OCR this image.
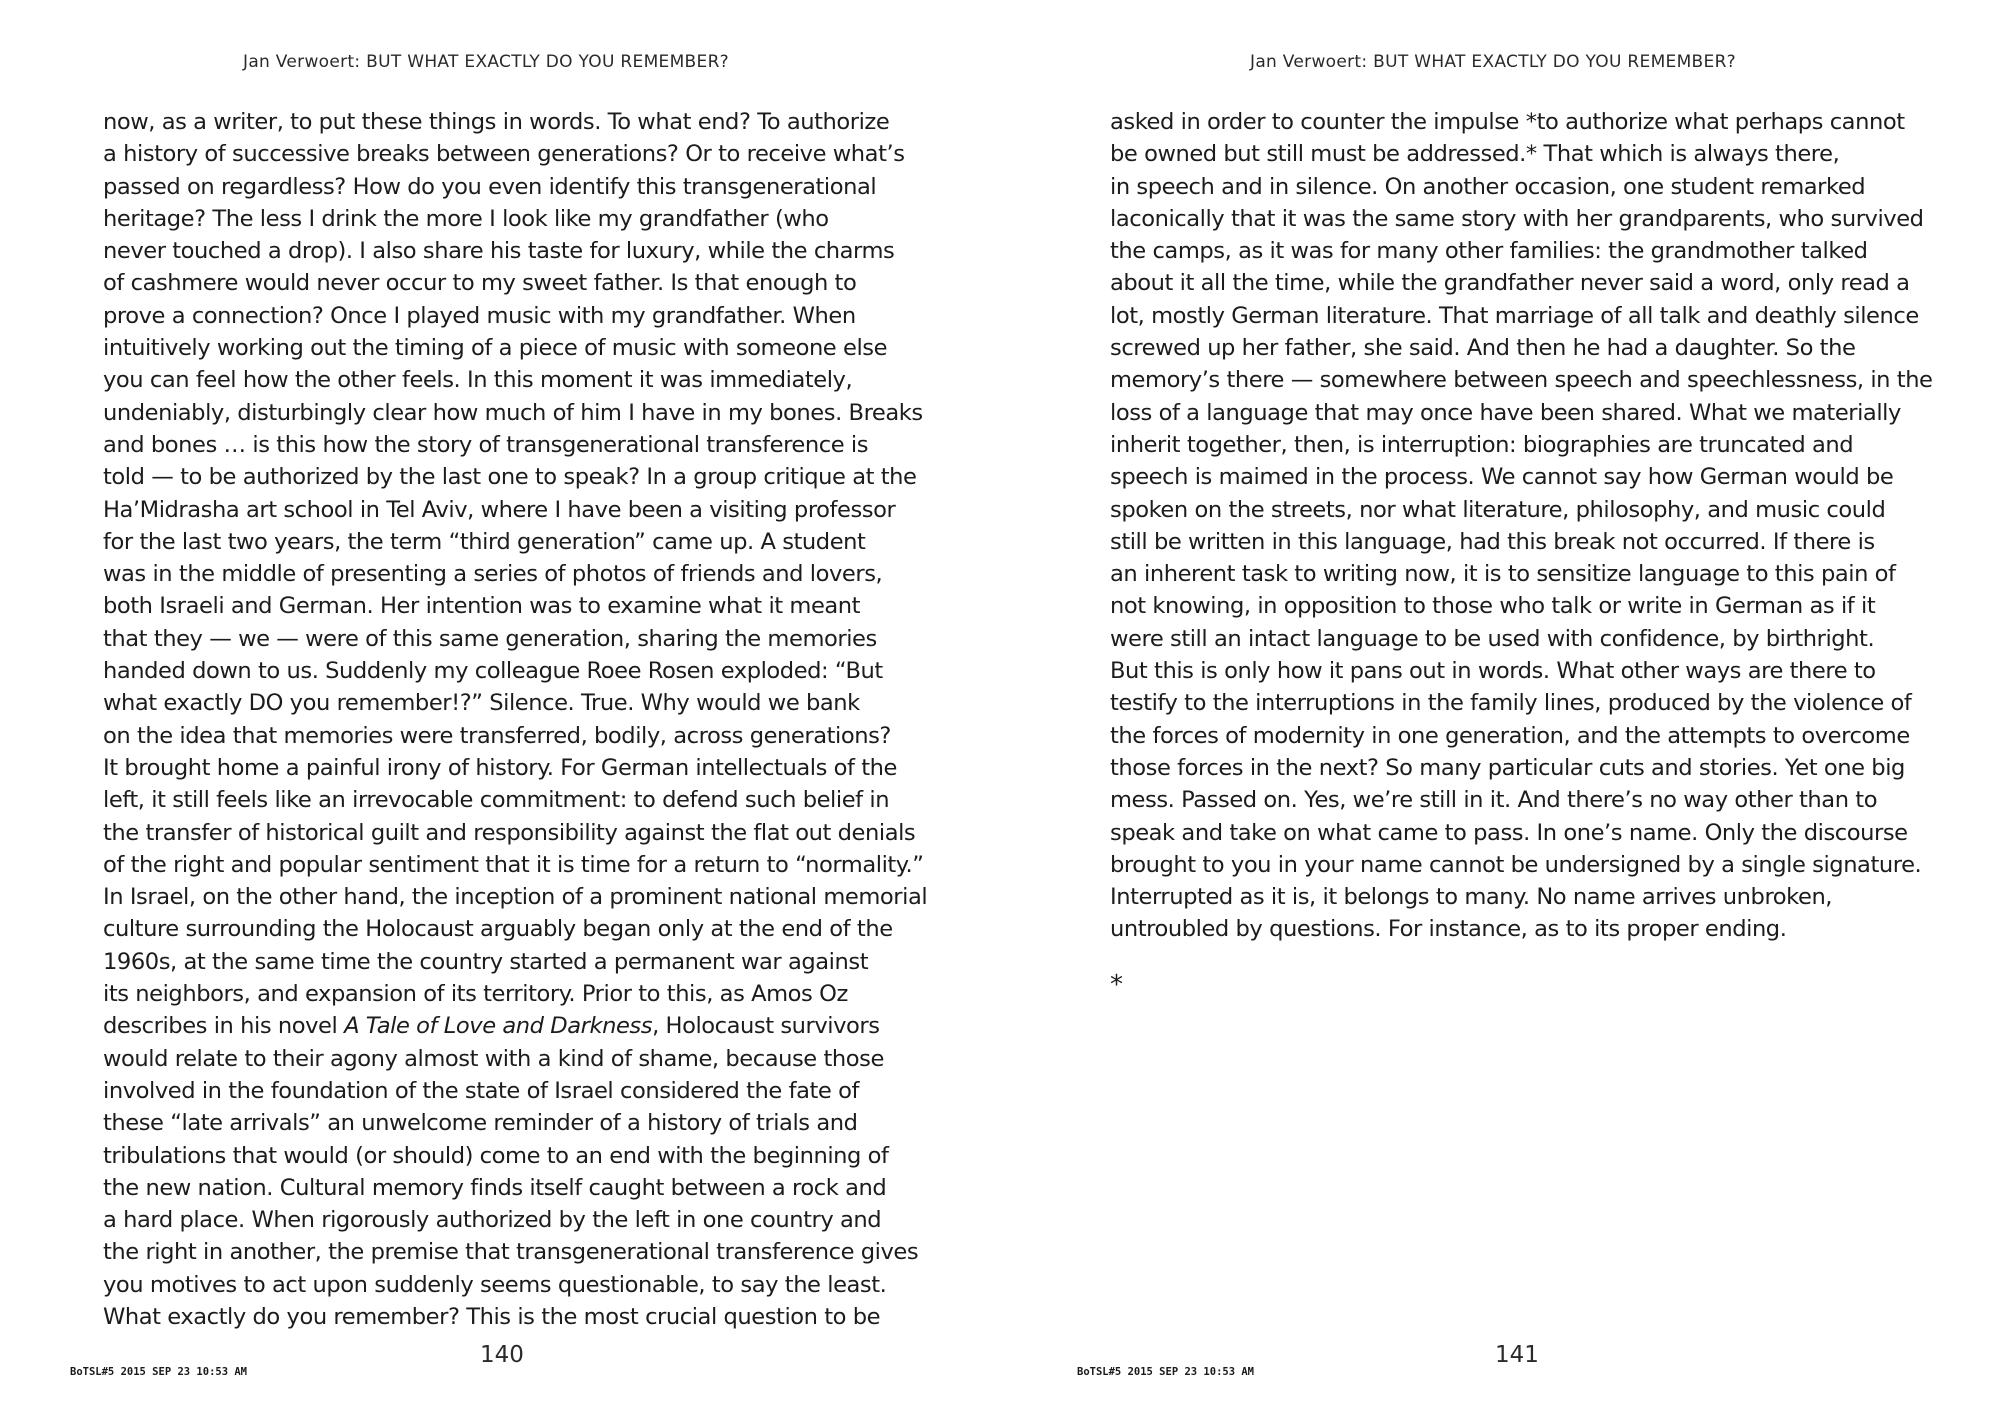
Jan Verwoert: BUT WHAT EXACTLY DO YOU REMEMBER?
now, as a writer, to put these things in words. To what end? To authorize
a history of successive breaks between generations? Or to receive what’s
passed on regardless? How do you even identify this transgenerational
heritage? The less I drink the more I look like my grandfather (who
never touched a drop). I also share his taste for luxury, while the charms
of cashmere would never occur to my sweet father. Is that enough to
prove a connection? Once I played music with my grandfather. When
intuitively working out the timing of a piece of music with someone else
you can feel how the other feels. In this moment it was immediately,
undeniably, disturbingly clear how much of him I have in my bones. Breaks
and bones … is this how the story of transgenerational transference is
told — to be authorized by the last one to speak? In a group critique at the
Ha’Midrasha art school in Tel Aviv, where I have been a visiting professor
for the last two years, the term “third generation” came up. A student
was in the middle of presenting a series of photos of friends and lovers,
both Israeli and German. Her intention was to examine what it meant
that they — we — were of this same generation, sharing the memories
handed down to us. Suddenly my colleague Roee Rosen exploded: “But
what exactly DO you remember!?” Silence. True. Why would we bank
on the idea that memories were transferred, bodily, across generations?
It brought home a painful irony of history. For German intellectuals of the
left, it still feels like an irrevocable commitment: to defend such belief in
the transfer of historical guilt and responsibility against the flat out denials
of the right and popular sentiment that it is time for a return to “normality.”
In Israel, on the other hand, the inception of a prominent national memorial
culture surrounding the Holocaust arguably began only at the end of the
1960s, at the same time the country started a permanent war against
its neighbors, and expansion of its territory. Prior to this, as Amos Oz
describes in his novel A Tale of Love and Darkness, Holocaust survivors
would relate to their agony almost with a kind of shame, because those
involved in the foundation of the state of Israel considered the fate of
these “late arrivals” an unwelcome reminder of a history of trials and
tribulations that would (or should) come to an end with the beginning of
the new nation. Cultural memory finds itself caught between a rock and
a hard place. When rigorously authorized by the left in one country and
the right in another, the premise that transgenerational transference gives
you motives to act upon suddenly seems questionable, to say the least.
What exactly do you remember? This is the most crucial question to be
140
BoTSL#5 2015 SEP 23 10:53 AM
Jan Verwoert: BUT WHAT EXACTLY DO YOU REMEMBER?
asked in order to counter the impulse *to authorize what perhaps cannot
be owned but still must be addressed.* That which is always there,
in speech and in silence. On another occasion, one student remarked
laconically that it was the same story with her grandparents, who survived
the camps, as it was for many other families: the grandmother talked
about it all the time, while the grandfather never said a word, only read a
lot, mostly German literature. That marriage of all talk and deathly silence
screwed up her father, she said. And then he had a daughter. So the
memory’s there — somewhere between speech and speechlessness, in the
loss of a language that may once have been shared. What we materially
inherit together, then, is interruption: biographies are truncated and
speech is maimed in the process. We cannot say how German would be
spoken on the streets, nor what literature, philosophy, and music could
still be written in this language, had this break not occurred. If there is
an inherent task to writing now, it is to sensitize language to this pain of
not knowing, in opposition to those who talk or write in German as if it
were still an intact language to be used with confidence, by birthright.
But this is only how it pans out in words. What other ways are there to
testify to the interruptions in the family lines, produced by the violence of
the forces of modernity in one generation, and the attempts to overcome
those forces in the next? So many particular cuts and stories. Yet one big
mess. Passed on. Yes, we’re still in it. And there’s no way other than to
speak and take on what came to pass. In one’s name. Only the discourse
brought to you in your name cannot be undersigned by a single signature.
Interrupted as it is, it belongs to many. No name arrives unbroken,
untroubled by questions. For instance, as to its proper ending.
*
141
BoTSL#5 2015 SEP 23 10:53 AM
